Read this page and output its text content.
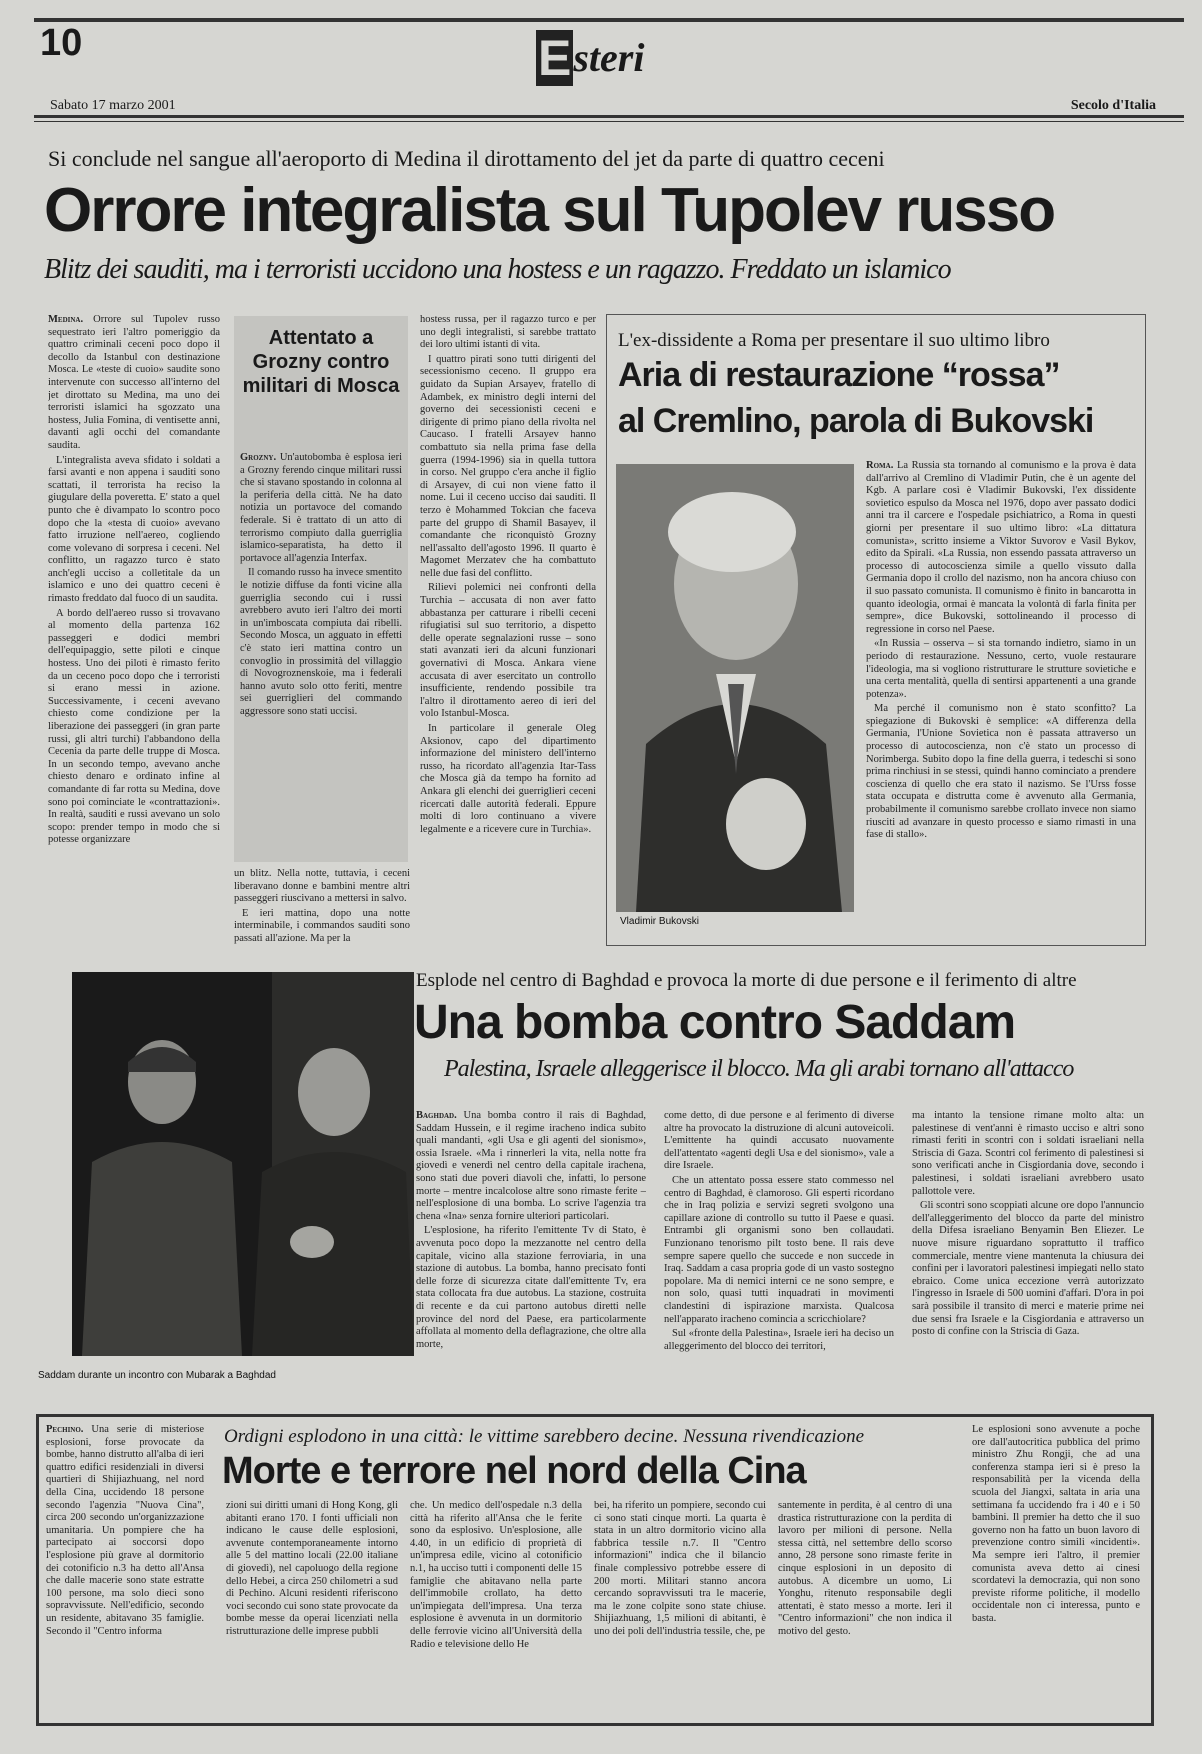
10	Esteri
Sabato 17 marzo 2001	Secolo d'Italia
Si conclude nel sangue all'aeroporto di Medina il dirottamento del jet da parte di quattro ceceni
Orrore integralista sul Tupolev russo
Blitz dei sauditi, ma i terroristi uccidono una hostess e un ragazzo. Freddato un islamico

Medina. Orrore sul Tupolev russo sequestrato ieri l'altro pomeriggio da quattro criminali ceceni poco dopo il decollo da Istanbul con destinazione Mosca. Le «teste di cuoio» saudite sono intervenute con successo all'interno del jet dirottato su Medina, ma uno dei terroristi islamici ha sgozzato una hostess, Julia Fomina, di ventisette anni, davanti agli occhi del comandante saudita.

L'integralista aveva sfidato i soldati a farsi avanti e non appena i sauditi sono scattati, il terrorista ha reciso la giugulare della poveretta. E' stato a quel punto che è divampato lo scontro poco dopo che la «testa di cuoio» avevano fatto irruzione nell'aereo, cogliendo come volevano di sorpresa i ceceni. Nel conflitto, un ragazzo turco è stato anch'egli ucciso a colletitale da un islamico e uno dei quattro ceceni è rimasto freddato dal fuoco di un saudita.

A bordo dell'aereo russo si trovavano al momento della partenza 162 passeggeri e dodici membri dell'equipaggio, sette piloti e cinque hostess. Uno dei piloti è rimasto ferito da un ceceno poco dopo che i terroristi si erano messi in azione. Successivamente, i ceceni avevano chiesto come condizione per la liberazione dei passeggeri (in gran parte russi, gli altri turchi) l'abbandono della Cecenia da parte delle truppe di Mosca. In un secondo tempo, avevano anche chiesto denaro e ordinato infine al comandante di far rotta su Medina, dove sono poi cominciate le «contrattazioni». In realtà, sauditi e russi avevano un solo scopo: prender tempo in modo che si potesse organizzare

Attentato a Grozny contro militari di Mosca

Grozny. Un'autobomba è esplosa ieri a Grozny ferendo cinque militari russi che si stavano spostando in colonna al la periferia della città. Ne ha dato notizia un portavoce del comando federale. Si è trattato di un atto di terrorismo compiuto dalla guerriglia islamico-separatista, ha detto il portavoce all'agenzia Interfax.

Il comando russo ha invece smentito le notizie diffuse da fonti vicine alla guerriglia secondo cui i russi avrebbero avuto ieri l'altro dei morti in un'imboscata compiuta dai ribelli. Secondo Mosca, un agguato in effetti c'è stato ieri mattina contro un convoglio in prossimità del villaggio di Novogroznenskoie, ma i federali hanno avuto solo otto feriti, mentre sei guerriglieri del commando aggressore sono stati uccisi.

un blitz. Nella notte, tuttavia, i ceceni liberavano donne e bambini mentre altri passeggeri riuscivano a mettersi in salvo.

E ieri mattina, dopo una notte interminabile, i commandos sauditi sono passati all'azione. Ma per la

hostess russa, per il ragazzo turco e per uno degli integralisti, si sarebbe trattato dei loro ultimi istanti di vita.

I quattro pirati sono tutti dirigenti del secessionismo ceceno. Il gruppo era guidato da Supian Arsayev, fratello di Adambek, ex ministro degli interni del governo dei secessionisti ceceni e dirigente di primo piano della rivolta nel Caucaso. I fratelli Arsayev hanno combattuto sia nella prima fase della guerra (1994-1996) sia in quella tuttora in corso. Nel gruppo c'era anche il figlio di Arsayev, di cui non viene fatto il nome. Lui il ceceno ucciso dai sauditi. Il terzo è Mohammed Tokcian che faceva parte del gruppo di Shamil Basayev, il comandante che riconquistò Grozny nell'assalto dell'agosto 1996. Il quarto è Magomet Merzatev che ha combattuto nelle due fasi del conflitto.

Rilievi polemici nei confronti della Turchia – accusata di non aver fatto abbastanza per catturare i ribelli ceceni rifugiatisi sul suo territorio, a dispetto delle operate segnalazioni russe – sono stati avanzati ieri da alcuni funzionari governativi di Mosca. Ankara viene accusata di aver esercitato un controllo insufficiente, rendendo possibile tra l'altro il dirottamento aereo di ieri del volo Istanbul-Mosca.

In particolare il generale Oleg Aksionov, capo del dipartimento informazione del ministero dell'interno russo, ha ricordato all'agenzia Itar-Tass che Mosca già da tempo ha fornito ad Ankara gli elenchi dei guerriglieri ceceni ricercati dalle autorità federali. Eppure molti di loro continuano a vivere legalmente e a ricevere cure in Turchia».

L'ex-dissidente a Roma per presentare il suo ultimo libro
Aria di restaurazione “rossa”
al Cremlino, parola di Bukovski
Vladimir Bukovski

Roma. La Russia sta tornando al comunismo e la prova è data dall'arrivo al Cremlino di Vladimir Putin, che è un agente del Kgb. A parlare così è Vladimir Bukovski, l'ex dissidente sovietico espulso da Mosca nel 1976, dopo aver passato dodici anni tra il carcere e l'ospedale psichiatrico, a Roma in questi giorni per presentare il suo ultimo libro: «La dittatura comunista», scritto insieme a Viktor Suvorov e Vasil Bykov, edito da Spirali. «La Russia, non essendo passata attraverso un processo di autocoscienza simile a quello vissuto dalla Germania dopo il crollo del nazismo, non ha ancora chiuso con il suo passato comunista. Il comunismo è finito in bancarotta in quanto ideologia, ormai è mancata la volontà di farla finita per sempre», dice Bukovski, sottolineando il processo di regressione in corso nel Paese.

«In Russia – osserva – si sta tornando indietro, siamo in un periodo di restaurazione. Nessuno, certo, vuole restaurare l'ideologia, ma si vogliono ristrutturare le strutture sovietiche e una certa mentalità, quella di sentirsi appartenenti a una grande potenza».

Ma perché il comunismo non è stato sconfitto? La spiegazione di Bukovski è semplice: «A differenza della Germania, l'Unione Sovietica non è passata attraverso un processo di autocoscienza, non c'è stato un processo di Norimberga. Subito dopo la fine della guerra, i tedeschi si sono prima rinchiusi in se stessi, quindi hanno cominciato a prendere coscienza di quello che era stato il nazismo. Se l'Urss fosse stata occupata e distrutta come è avvenuto alla Germania, probabilmente il comunismo sarebbe crollato invece non siamo riusciti ad avanzare in questo processo e siamo rimasti in una fase di stallo».

Saddam durante un incontro con Mubarak a Baghdad
Esplode nel centro di Baghdad e provoca la morte di due persone e il ferimento di altre
Una bomba contro Saddam
Palestina, Israele alleggerisce il blocco. Ma gli arabi tornano all'attacco

Baghdad. Una bomba contro il rais di Baghdad, Saddam Hussein, e il regime iracheno indica subito quali mandanti, «gli Usa e gli agenti del sionismo», ossia Israele. «Ma i rinnerleri la vita, nella notte fra giovedì e venerdì nel centro della capitale irachena, sono stati due poveri diavoli che, infatti, lo persone morte – mentre incalcolose altre sono rimaste ferite – nell'esplosione di una bomba. Lo scrive l'agenzia tra chena «Ina» senza fornire ulteriori particolari.

L'esplosione, ha riferito l'emittente Tv di Stato, è avvenuta poco dopo la mezzanotte nel centro della capitale, vicino alla stazione ferroviaria, in una stazione di autobus. La bomba, hanno precisato fonti delle forze di sicurezza citate dall'emittente Tv, era stata collocata fra due autobus. La stazione, costruita di recente e da cui partono autobus diretti nelle province del nord del Paese, era particolarmente affollata al momento della deflagrazione, che oltre alla morte,

come detto, di due persone e al ferimento di diverse altre ha provocato la distruzione di alcuni autoveicoli. L'emittente ha quindi accusato nuovamente dell'attentato «agenti degli Usa e del sionismo», vale a dire Israele.

Che un attentato possa essere stato commesso nel centro di Baghdad, è clamoroso. Gli esperti ricordano che in Iraq polizia e servizi segreti svolgono una capillare azione di controllo su tutto il Paese e quasi. Entrambi gli organismi sono ben collaudati. Funzionano tenorismo pilt tosto bene. Il rais deve sempre sapere quello che succede e non succede in Iraq. Saddam a casa propria gode di un vasto sostegno popolare. Ma di nemici interni ce ne sono sempre, e non solo, quasi tutti inquadrati in movimenti clandestini di ispirazione marxista. Qualcosa nell'apparato iracheno comincia a scricchiolare?

Sul «fronte della Palestina», Israele ieri ha deciso un alleggerimento del blocco dei territori,

ma intanto la tensione rimane molto alta: un palestinese di vent'anni è rimasto ucciso e altri sono rimasti feriti in scontri con i soldati israeliani nella Striscia di Gaza. Scontri col ferimento di palestinesi si sono verificati anche in Cisgiordania dove, secondo i palestinesi, i soldati israeliani avrebbero usato pallottole vere.

Gli scontri sono scoppiati alcune ore dopo l'annuncio dell'alleggerimento del blocco da parte del ministro della Difesa israeliano Benyamin Ben Eliezer. Le nuove misure riguardano soprattutto il traffico commerciale, mentre viene mantenuta la chiusura dei confini per i lavoratori palestinesi impiegati nello stato ebraico. Come unica eccezione verrà autorizzato l'ingresso in Israele di 500 uomini d'affari. D'ora in poi sarà possibile il transito di merci e materie prime nei due sensi fra Israele e la Cisgiordania e attraverso un posto di confine con la Striscia di Gaza.

Pechino. Una serie di misteriose esplosioni, forse provocate da bombe, hanno distrutto all'alba di ieri quattro edifici residenziali in diversi quartieri di Shijiazhuang, nel nord della Cina, uccidendo 18 persone secondo l'agenzia "Nuova Cina", circa 200 secondo un'organizzazione umanitaria. Un pompiere che ha partecipato ai soccorsi dopo l'esplosione più grave al dormitorio dei cotonificio n.3 ha detto all'Ansa che dalle macerie sono state estratte 100 persone, ma solo dieci sono sopravvissute. Nell'edificio, secondo un residente, abitavano 35 famiglie. Secondo il "Centro informa

Ordigni esplodono in una città: le vittime sarebbero decine. Nessuna rivendicazione
Morte e terrore nel nord della Cina

zioni sui diritti umani di Hong Kong, gli abitanti erano 170. I fonti ufficiali non indicano le cause delle esplosioni, avvenute contemporaneamente intorno alle 5 del mattino locali (22.00 italiane di giovedì), nel capoluogo della regione dello Hebei, a circa 250 chilometri a sud di Pechino. Alcuni residenti riferiscono voci secondo cui sono state provocate da bombe messe da operai licenziati nella ristrutturazione delle imprese pubbli

che. Un medico dell'ospedale n.3 della città ha riferito all'Ansa che le ferite sono da esplosivo. Un'esplosione, alle 4.40, in un edificio di proprietà di un'impresa edile, vicino al cotonificio n.1, ha ucciso tutti i componenti delle 15 famiglie che abitavano nella parte dell'immobile crollato, ha detto un'impiegata dell'impresa. Una terza esplosione è avvenuta in un dormitorio delle ferrovie vicino all'Università della Radio e televisione dello He

bei, ha riferito un pompiere, secondo cui ci sono stati cinque morti. La quarta è stata in un altro dormitorio vicino alla fabbrica tessile n.7. Il "Centro informazioni" indica che il bilancio finale complessivo potrebbe essere di 200 morti. Militari stanno ancora cercando sopravvissuti tra le macerie, ma le zone colpite sono state chiuse. Shijiazhuang, 1,5 milioni di abitanti, è uno dei poli dell'industria tessile, che, pe

santemente in perdita, è al centro di una drastica ristrutturazione con la perdita di lavoro per milioni di persone. Nella stessa città, nel settembre dello scorso anno, 28 persone sono rimaste ferite in cinque esplosioni in un deposito di autobus. A dicembre un uomo, Li Yonghu, ritenuto responsabile degli attentati, è stato messo a morte. Ieri il "Centro informazioni" che non indica il motivo del gesto.

Le esplosioni sono avvenute a poche ore dall'autocritica pubblica del primo ministro Zhu Rongji, che ad una conferenza stampa ieri si è preso la responsabilità per la vicenda della scuola del Jiangxi, saltata in aria una settimana fa uccidendo fra i 40 e i 50 bambini. Il premier ha detto che il suo governo non ha fatto un buon lavoro di prevenzione contro simili «incidenti». Ma sempre ieri l'altro, il premier comunista aveva detto ai cinesi scordatevi la democrazia, qui non sono previste riforme politiche, il modello occidentale non ci interessa, punto e basta.
